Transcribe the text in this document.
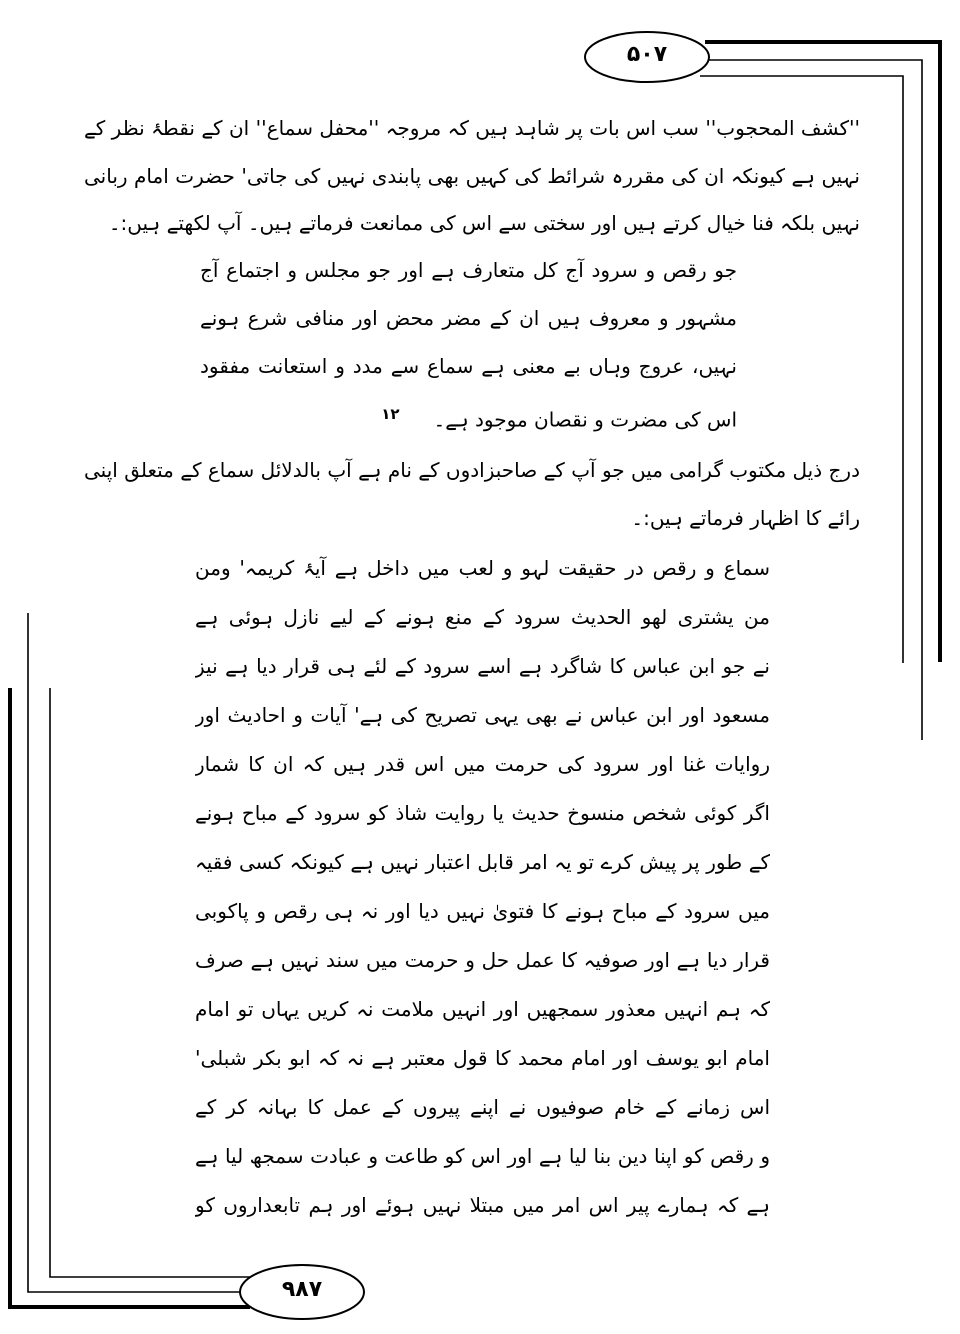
۵۰۷
۹۸۷
''کشف المحجوب'' سب اس بات پر شاہد ہیں کہ مروجہ ''محفل سماع'' ان کے نقطۂ نظر کے
نہیں ہے کیونکہ ان کی مقررہ شرائط کی کہیں بھی پابندی نہیں کی جاتی' حضرت امام ربانی
نہیں بلکہ فنا خیال کرتے ہیں اور سختی سے اس کی ممانعت فرماتے ہیں۔ آپ لکھتے ہیں:۔
جو رقص و سرود آج کل متعارف ہے اور جو مجلس و اجتماع آج
مشہور و معروف ہیں ان کے مضر محض اور منافی شرع ہونے
نہیں، عروج وہاں بے معنی ہے سماع سے مدد و استعانت مفقود
اس کی مضرت و نقصان موجود ہے۔$^{۱۲}$
درج ذیل مکتوب گرامی میں جو آپ کے صاحبزادوں کے نام ہے آپ بالدلائل سماع کے متعلق اپنی
رائے کا اظہار فرماتے ہیں:۔
سماع و رقص در حقیقت لہو و لعب میں داخل ہے آیۂ کریمہ' ومن
من یشتری لھو الحدیث سرود کے منع ہونے کے لیے نازل ہوئی ہے
نے جو ابن عباس کا شاگرد ہے اسے سرود کے لئے ہی قرار دیا ہے نیز
مسعود اور ابن عباس نے بھی یہی تصریح کی ہے' آیات و احادیث اور
روایات غنا اور سرود کی حرمت میں اس قدر ہیں کہ ان کا شمار
اگر کوئی شخص منسوخ حدیث یا روایت شاذ کو سرود کے مباح ہونے
کے طور پر پیش کرے تو یہ امر قابل اعتبار نہیں ہے کیونکہ کسی فقیہ
میں سرود کے مباح ہونے کا فتویٰ نہیں دیا اور نہ ہی رقص و پاکوبی
قرار دیا ہے اور صوفیہ کا عمل حل و حرمت میں سند نہیں ہے صرف
کہ ہم انہیں معذور سمجھیں اور انہیں ملامت نہ کریں یہاں تو امام
امام ابو یوسف اور امام محمد کا قول معتبر ہے نہ کہ ابو بکر شبلی'
اس زمانے کے خام صوفیوں نے اپنے پیروں کے عمل کا بہانہ کر کے
و رقص کو اپنا دین بنا لیا ہے اور اس کو طاعت و عبادت سمجھ لیا ہے
ہے کہ ہمارے پیر اس امر میں مبتلا نہیں ہوئے اور ہم تابعداروں کو
